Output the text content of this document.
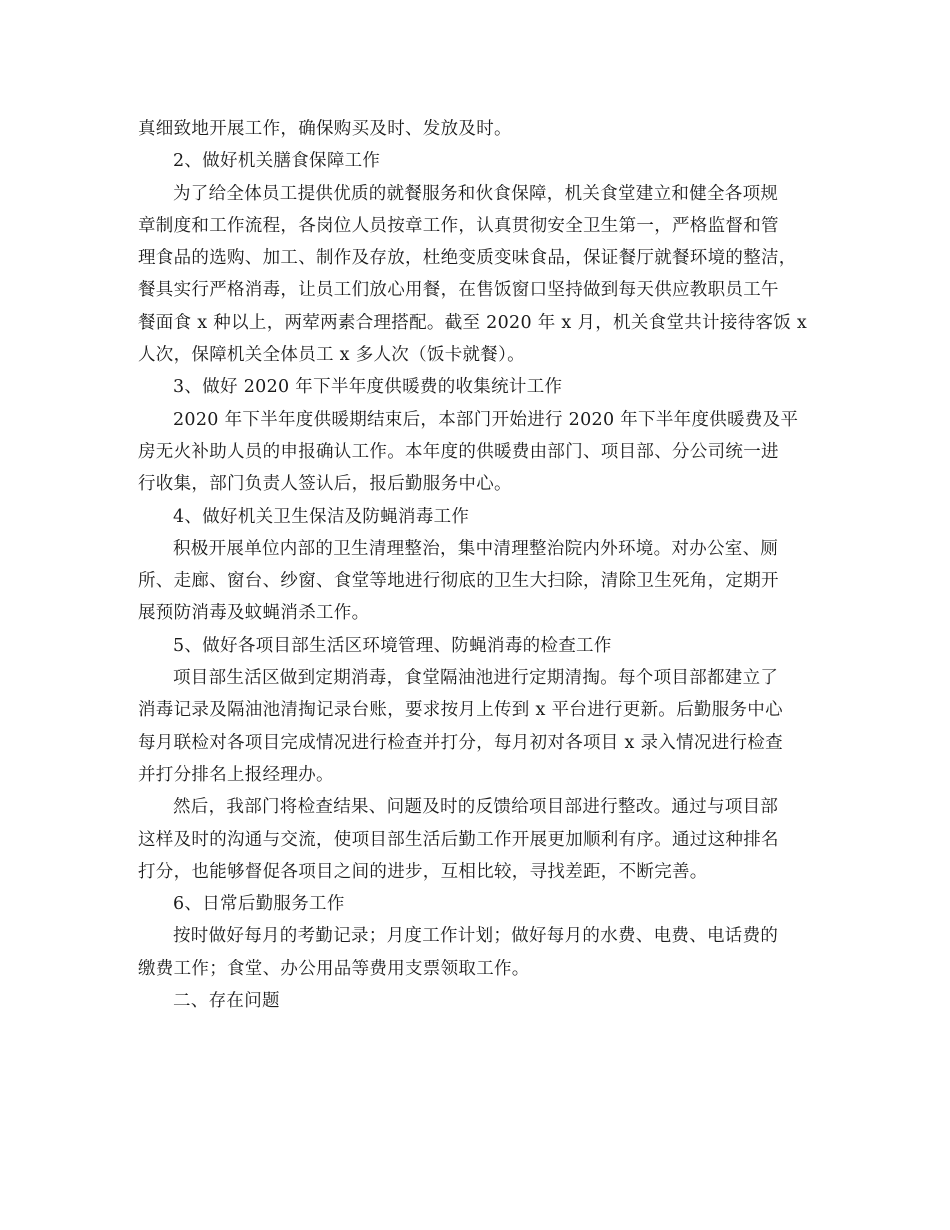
真细致地开展工作，确保购买及时、发放及时。
2、做好机关膳食保障工作
为了给全体员工提供优质的就餐服务和伙食保障，机关食堂建立和健全各项规
章制度和工作流程，各岗位人员按章工作，认真贯彻安全卫生第一，严格监督和管
理食品的选购、加工、制作及存放，杜绝变质变味食品，保证餐厅就餐环境的整洁，
餐具实行严格消毒，让员工们放心用餐，在售饭窗口坚持做到每天供应教职员工午
餐面食 x 种以上，两荤两素合理搭配。截至 2020 年 x 月，机关食堂共计接待客饭 x
人次，保障机关全体员工 x 多人次（饭卡就餐）。
3、做好 2020 年下半年度供暖费的收集统计工作
2020 年下半年度供暖期结束后，本部门开始进行 2020 年下半年度供暖费及平
房无火补助人员的申报确认工作。本年度的供暖费由部门、项目部、分公司统一进
行收集，部门负责人签认后，报后勤服务中心。
4、做好机关卫生保洁及防蝇消毒工作
积极开展单位内部的卫生清理整治，集中清理整治院内外环境。对办公室、厕
所、走廊、窗台、纱窗、食堂等地进行彻底的卫生大扫除，清除卫生死角，定期开
展预防消毒及蚊蝇消杀工作。
5、做好各项目部生活区环境管理、防蝇消毒的检查工作
项目部生活区做到定期消毒，食堂隔油池进行定期清掏。每个项目部都建立了
消毒记录及隔油池清掏记录台账，要求按月上传到 x 平台进行更新。后勤服务中心
每月联检对各项目完成情况进行检查并打分，每月初对各项目 x 录入情况进行检查
并打分排名上报经理办。
然后，我部门将检查结果、问题及时的反馈给项目部进行整改。通过与项目部
这样及时的沟通与交流，使项目部生活后勤工作开展更加顺利有序。通过这种排名
打分，也能够督促各项目之间的进步，互相比较，寻找差距，不断完善。
6、日常后勤服务工作
按时做好每月的考勤记录；月度工作计划；做好每月的水费、电费、电话费的
缴费工作；食堂、办公用品等费用支票领取工作。
二、存在问题
